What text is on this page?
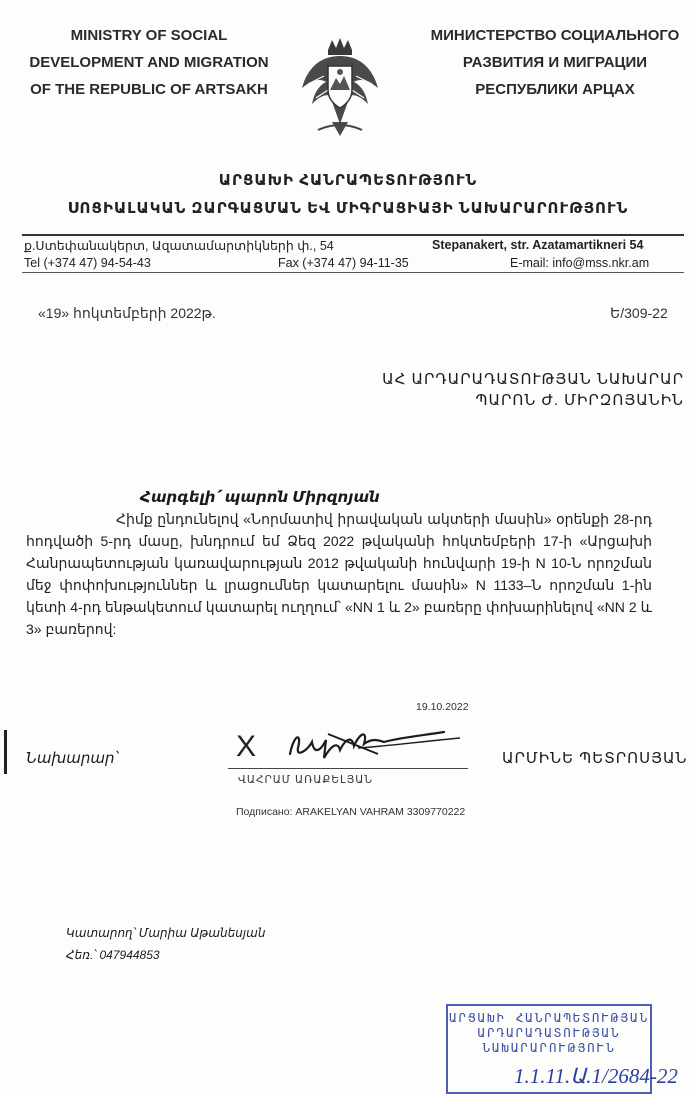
MINISTRY OF SOCIAL
DEVELOPMENT AND MIGRATION
OF THE REPUBLIC OF ARTSAKH
МИНИСТЕРСТВО СОЦИАЛЬНОГО
РАЗВИТИЯ И МИГРАЦИИ
РЕСПУБЛИКИ АРЦАХ
ԱՐՑԱԽԻ ՀԱՆՐԱՊԵՏՈՒԹՅՈՒՆ
ՍՈՑԻԱԼԱԿԱՆ ԶԱՐԳԱՑՄԱՆ ԵՎ ՄԻԳՐԱՑԻԱՅԻ ՆԱԽԱՐԱՐՈՒԹՅՈՒՆ
ք.Ստեփանակերտ, Ազատամարտիկների փ., 54	Stepanakert, str. Azatamartikneri 54
Tel (+374 47) 94-54-43	Fax (+374 47) 94-11-35	E-mail: info@mss.nkr.am
«19» հոկտեմբերի 2022թ.	Ե/309-22
ԱՀ ԱՐԴԱՐԱԴԱՏՈՒԹՅԱՆ ՆԱԽԱՐԱՐ
ՊԱՐՈՆ Ժ. ՄԻՐԶՈՅԱՆԻՆ
Հարգելի՛ պարոն Միրզոյան
Հիմք ընդունելով «Նորմատիվ իրավական ակտերի մասին» օրենքի 28-րդ հոդվածի 5-րդ մասը, խնդրում եմ Ձեզ 2022 թվականի հոկտեմբերի 17-ի «Արցախի Հանրապետության կառավարության 2012 թվականի հունվարի 19-ի N 10-Ն որոշման մեջ փոփոխություններ և լրացումներ կատարելու մասին» N 1133–Ն որոշման 1-ին կետի 4-րդ ենթակետում կատարել ուղղում՝ «NN 1 և 2» բառերը փոխարինելով «NN 2 և 3» բառերով:
19.10.2022
Նախարար՝	X
ՎԱՀՐԱՄ ԱՌԱՔԵԼՅԱՆ
ԱՐՄԻՆԵ ՊԵՏՐՈՍՅԱՆ
Подписано: ARAKELYAN VAHRAM 3309770222
Կատարող՝ Մարիա Աթանեսյան
Հեռ.՝ 047944853
ԱՐՑԱԽԻ ՀԱՆՐԱՊԵՏՈՒԹՅԱՆ
ԱՐԴԱՐԱԴԱՏՈՒԹՅԱՆ
ՆԱԽԱՐԱՐՈՒԹՅՈՒՆ
1.1.11.Ա.1/2684-22
